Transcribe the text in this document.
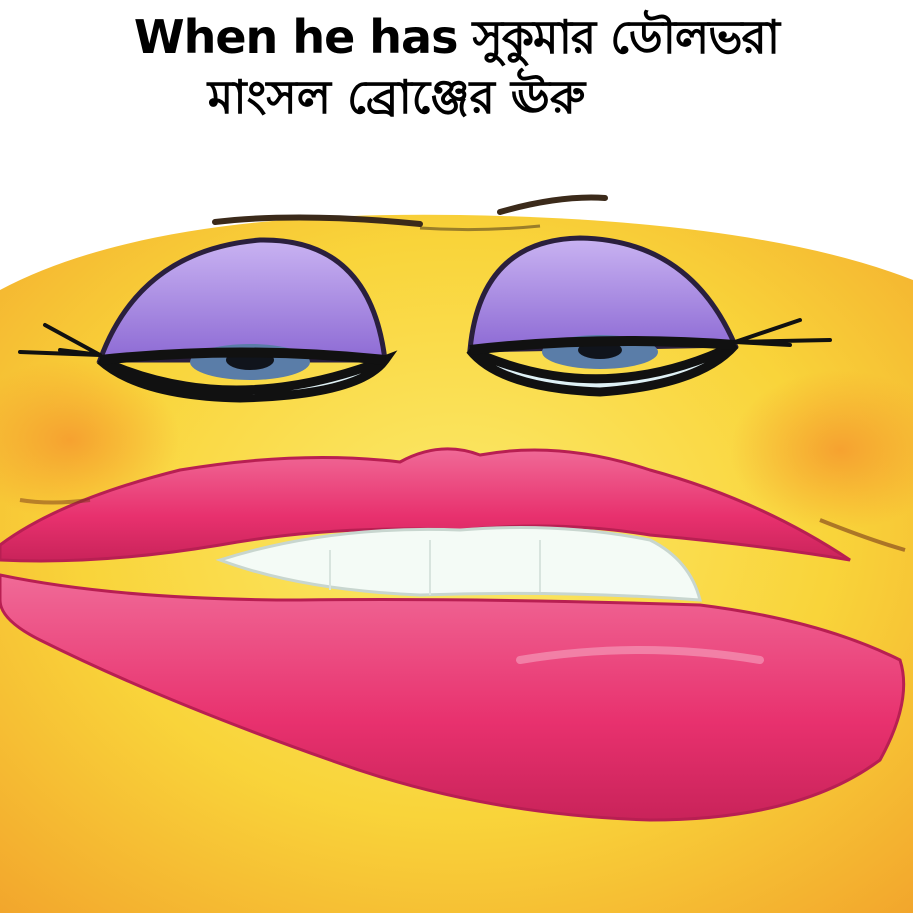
When he has সুকুমার ডৌলভরা
মাংসল ব্রোঞ্জের ঊরু
